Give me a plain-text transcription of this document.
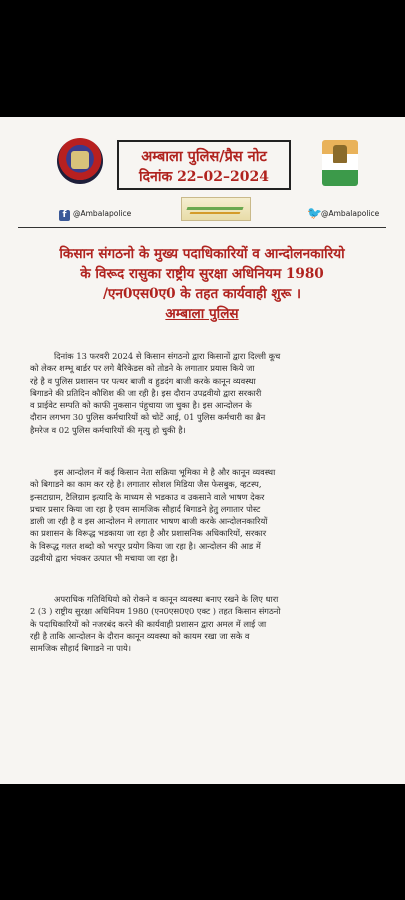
अम्बाला पुलिस/प्रैस नोट
दिनांक 22–02–2024
f @Ambalapolice	🐦 @Ambalapolice
किसान संगठनो के मुख्य पदाधिकारियों व आन्दोलनकारियो
के विरूद रासुका राष्ट्रीय सुरक्षा अधिनियम 1980
/एन0एस0ए0 के तहत कार्यवाही शुरू ।
अम्बाला पुलिस
दिनांक 13 फरवरी 2024 से किसान संगठनो द्वारा किसानों द्वारा दिल्ली कूच
को लेकर शम्भू बार्डर पर लगे बैरिकेडस को तोडने के लगातार प्रयास किये जा
रहे है व पुलिस प्रशासन पर पत्थर बाजी व हुडदंग बाजी करके कानून व्यवस्था
बिगाडने की प्रतिदिन कौशिश की जा रही है। इस दौरान उपद्रवीयो द्वारा सरकारी
व प्राईवेट सम्पति को काफी नुकसान पंहुचाया जा चुका है। इस आन्दोलन के
दौरान लगभग 30 पुलिस कर्मचारियों को चोटें आई, 01 पुलिस कर्मचारी का ब्रैन
हैमरेज व 02 पुलिस कर्मचारियों की मृत्यु हो चुकी है।
इस आन्दोलन में कई किसान नेता सक्रिया भूमिका मे है और कानून व्यवस्था
को बिगाडने का काम कर रहे है। लगातार सोशल मिडिया जैस फेसबुक, व्हटस्प,
इन्सटाग्राम, टैलिग्राम इत्यादि के माध्यम से भडकाउ व उकसाने वाले भाषण देकर
प्रचार प्रसार किया जा रहा है एवम सामजिक सौहार्द बिगाडने हेतु लगातार पोस्ट
डाली जा रही है व इस आन्दोलन मे लगातार भाषण बाजी करके आन्दोलनकारियों
का प्रशासन के विरूद्ध भडकाया जा रहा है और प्रशासनिक अधिकारियों, सरकार
के विरूद्ध गलत शब्दो को भरपूर प्रयोग किया जा रहा है। आन्दोलन की आड में
उद्रवीयो द्वारा भंयकर उत्पात भी मचाया जा रहा है।
अपराधिक गतिविधियो को रोकने व कानून व्यवस्था बनाए रखने के लिए धारा
2 (3 ) राष्ट्रीय सुरक्षा अधिनियम 1980 (एन0एस0ए0 एक्ट ) तहत किसान संगठनो
के पदाधिकारियों को नजरबंद करने की कार्यवाही प्रशासन द्वारा अमल में लाई जा
रही है ताकि आन्दोलन के दौरान कानून व्यवस्था को कायम रखा जा सके व
सामजिक सौहार्द बिगाडने ना पाये।
